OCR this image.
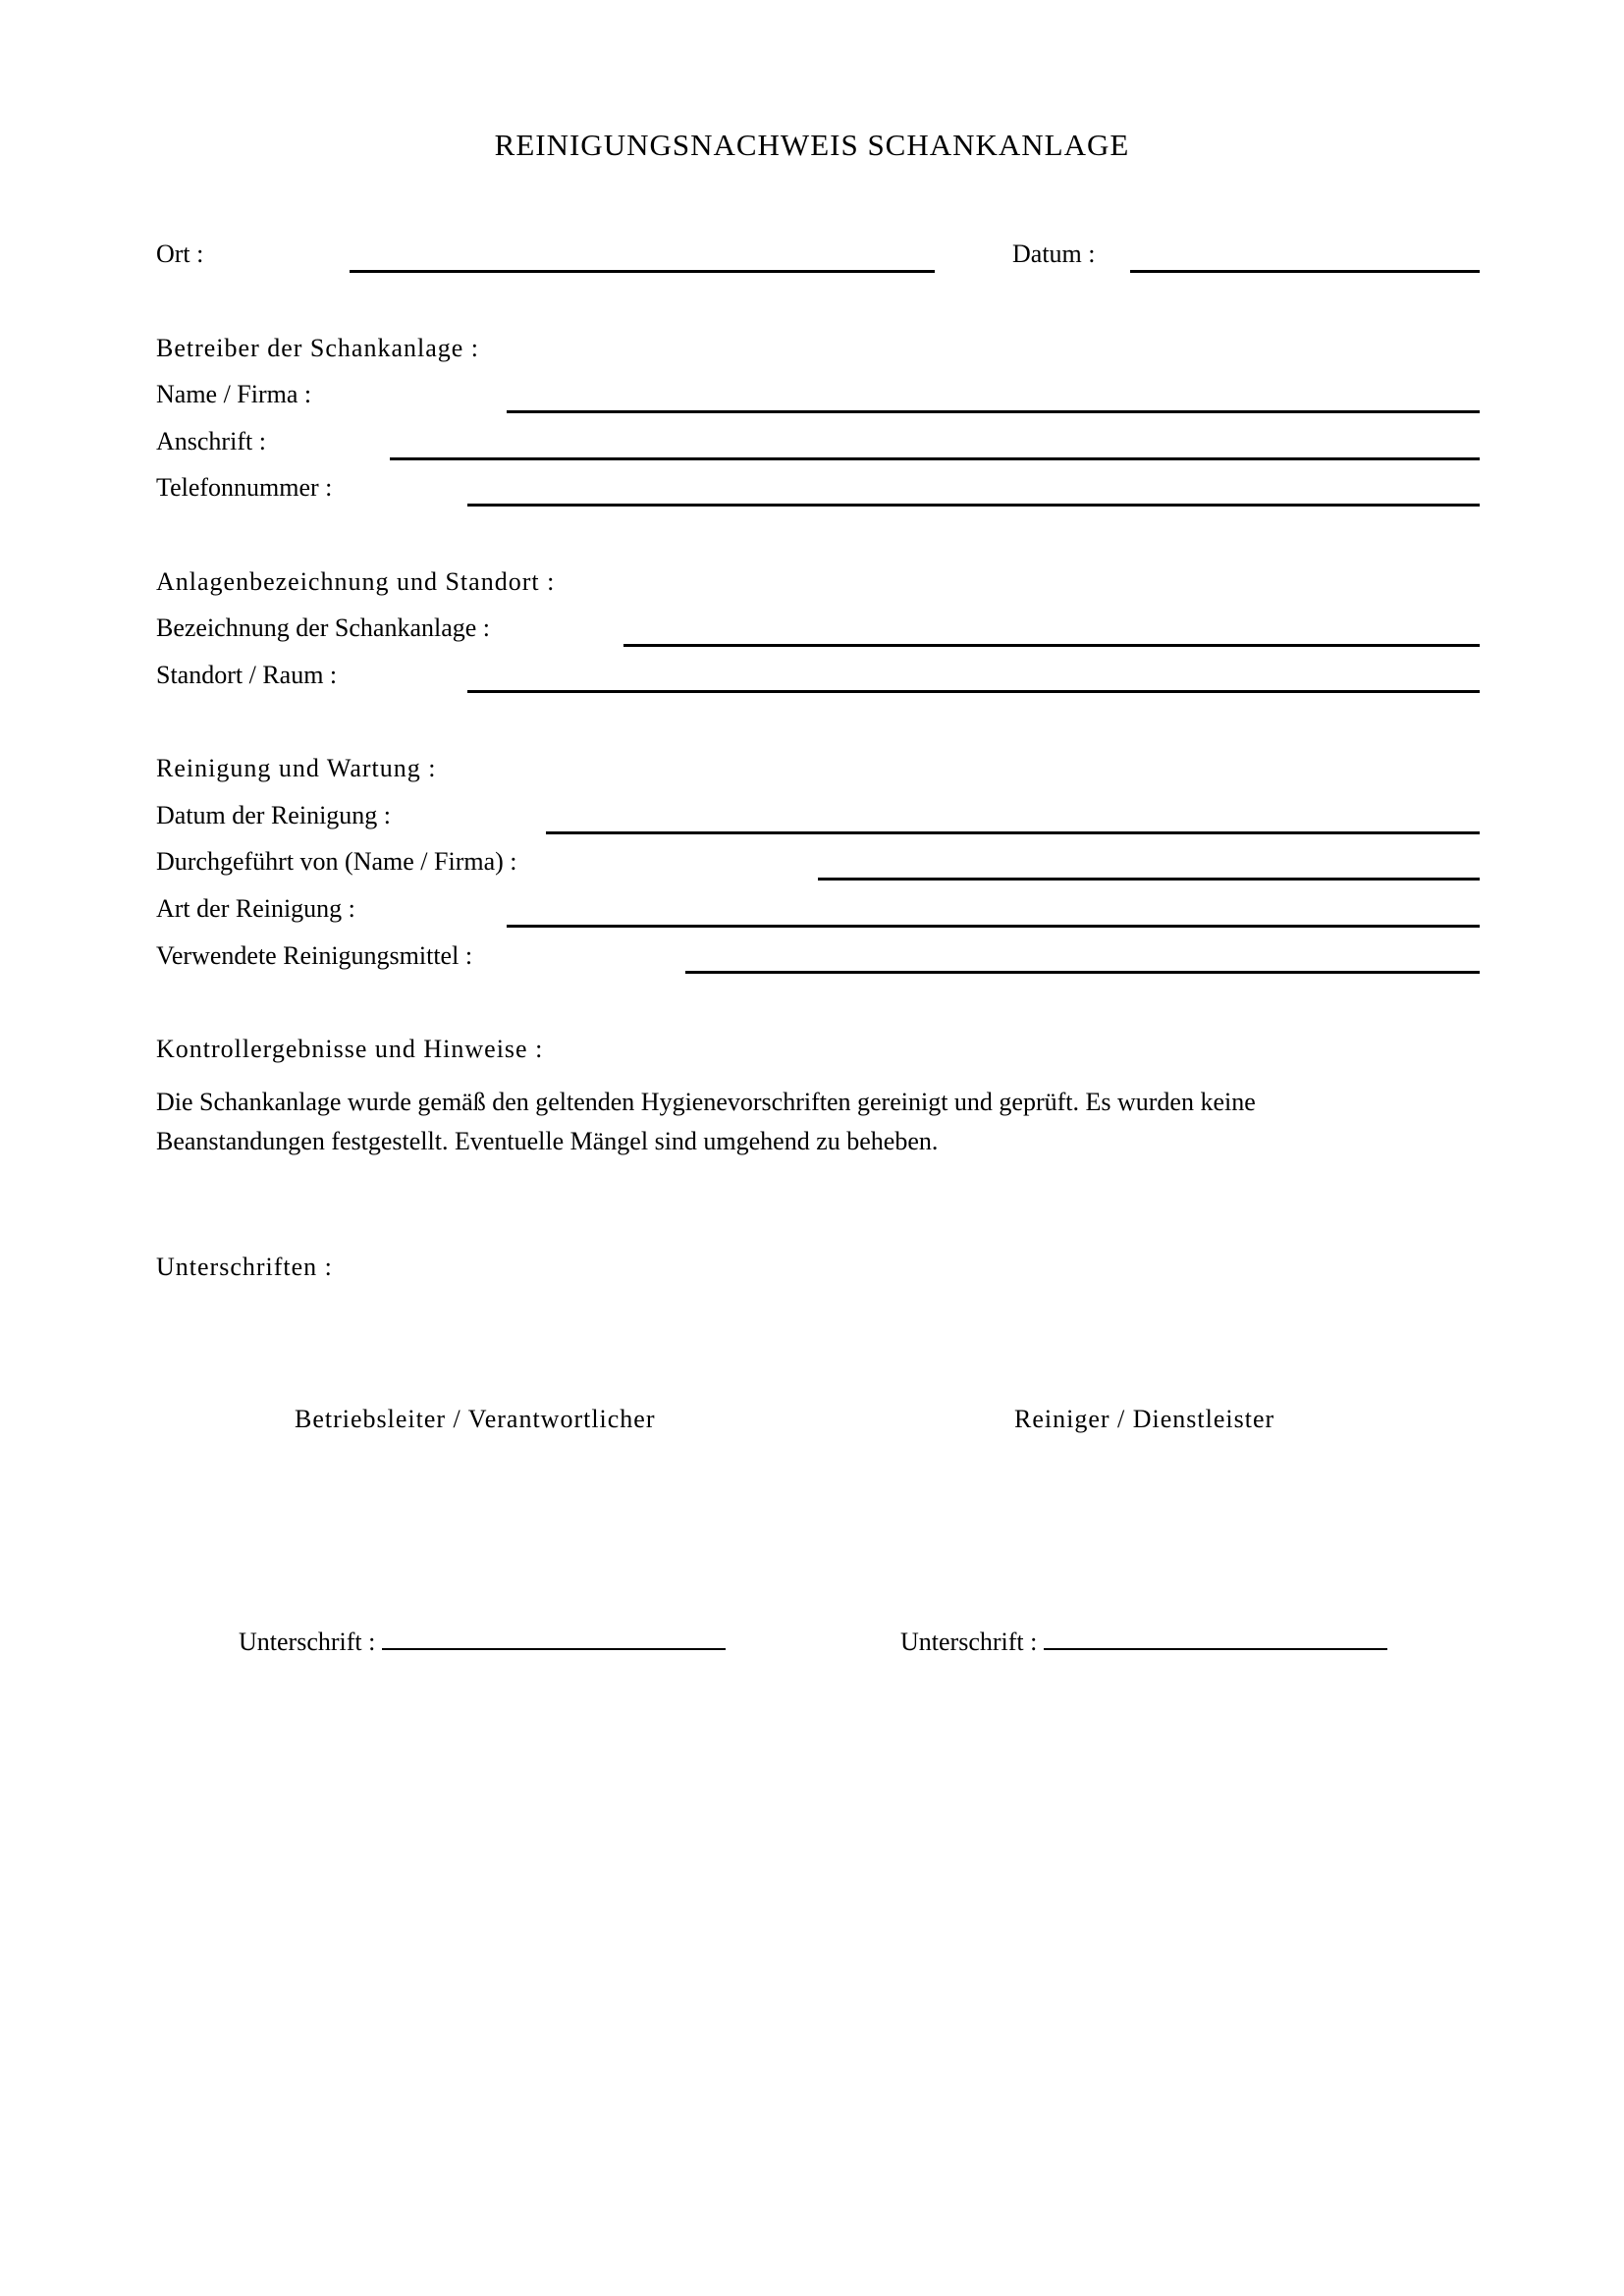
REINIGUNGSNACHWEIS SCHANKANLAGE
Ort :	Datum :
Betreiber der Schankanlage :
Name / Firma :
Anschrift :
Telefonnummer :
Anlagenbezeichnung und Standort :
Bezeichnung der Schankanlage :
Standort / Raum :
Reinigung und Wartung :
Datum der Reinigung :
Durchgeführt von (Name / Firma) :
Art der Reinigung :
Verwendete Reinigungsmittel :
Kontrollergebnisse und Hinweise :
Die Schankanlage wurde gemäß den geltenden Hygienevorschriften gereinigt und geprüft. Es wurden keine
Beanstandungen festgestellt. Eventuelle Mängel sind umgehend zu beheben.
Unterschriften :
Betriebsleiter / Verantwortlicher	Reiniger / Dienstleister
Unterschrift :	Unterschrift :
